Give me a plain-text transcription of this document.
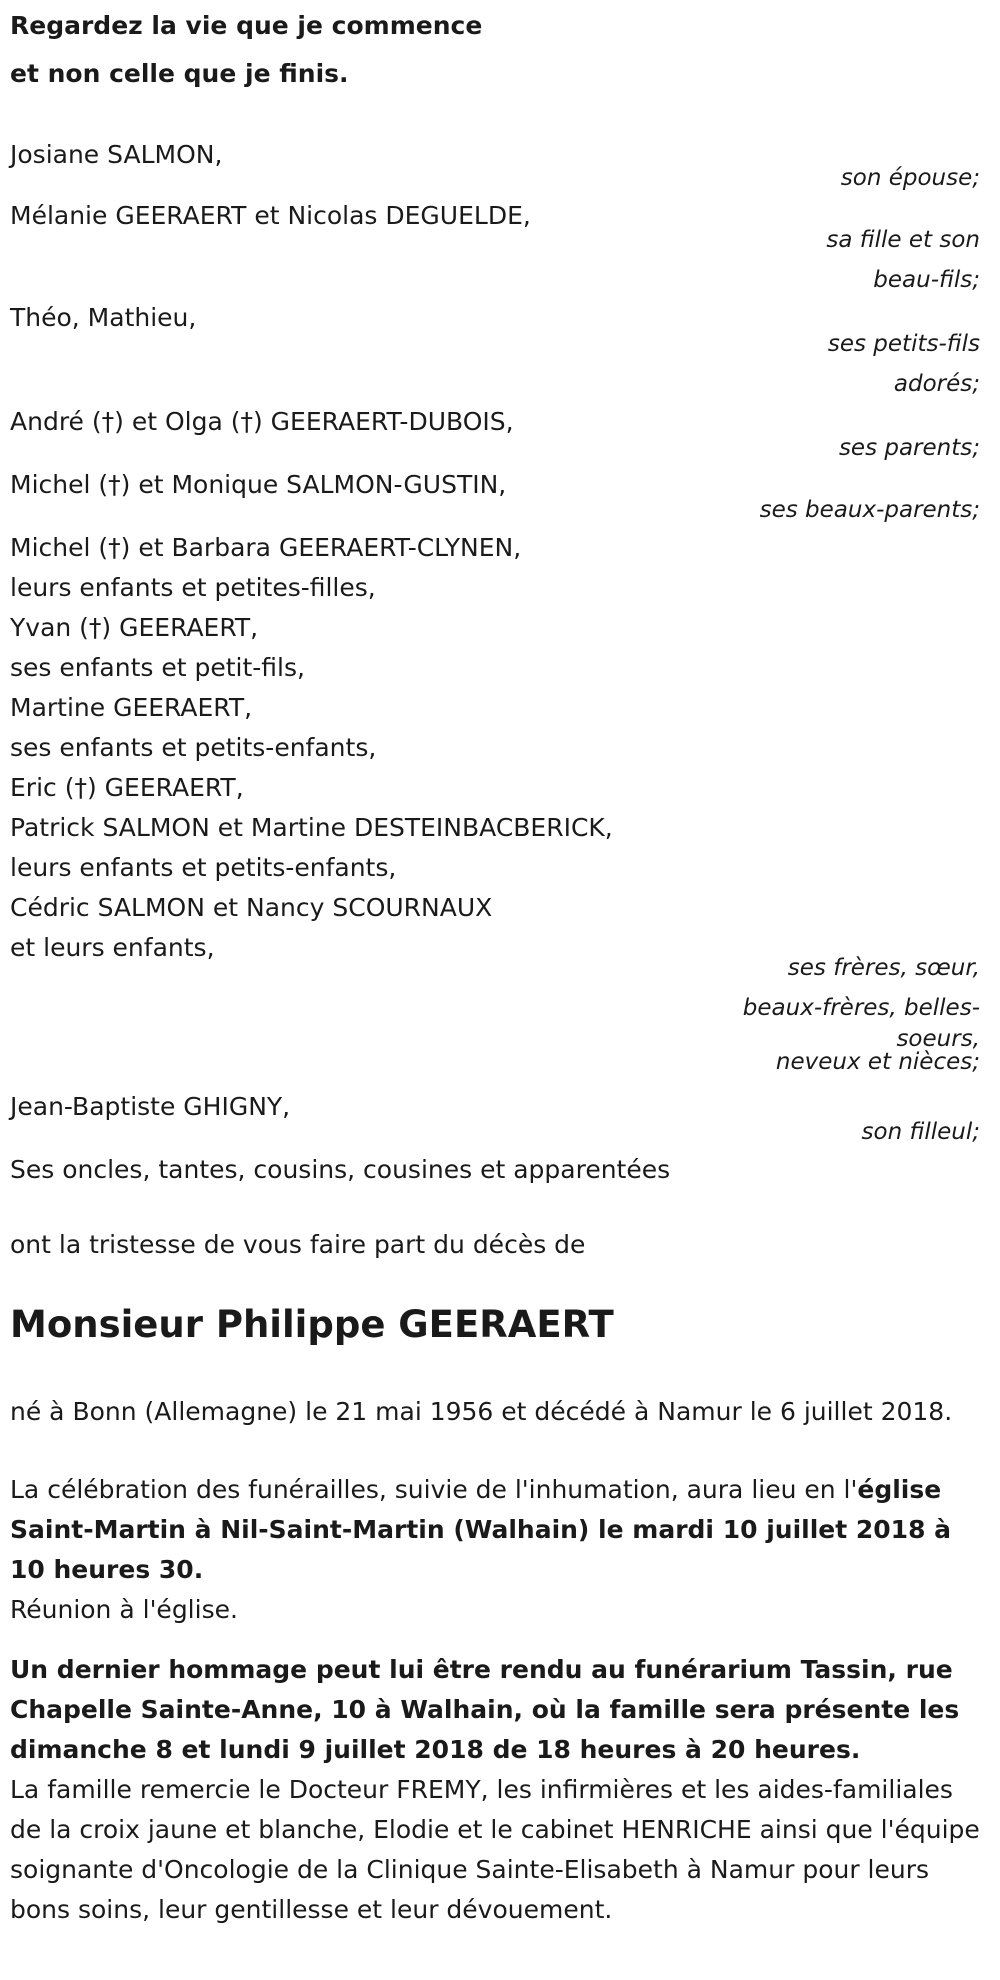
Regardez la vie que je commence
et non celle que je finis.
Josiane SALMON,
son épouse;
Mélanie GEERAERT et Nicolas DEGUELDE,
sa fille et son
beau-fils;
Théo, Mathieu,
ses petits-fils
adorés;
André (†) et Olga (†) GEERAERT-DUBOIS,
ses parents;
Michel (†) et Monique SALMON-GUSTIN,
ses beaux-parents;
Michel (†) et Barbara GEERAERT-CLYNEN,
leurs enfants et petites-filles,
Yvan (†) GEERAERT,
ses enfants et petit-fils,
Martine GEERAERT,
ses enfants et petits-enfants,
Eric (†) GEERAERT,
Patrick SALMON et Martine DESTEINBACBERICK,
leurs enfants et petits-enfants,
Cédric SALMON et Nancy SCOURNAUX
et leurs enfants,
ses frères, sœur,
beaux-frères, belles-
soeurs,
neveux et nièces;
Jean-Baptiste GHIGNY,
son filleul;
Ses oncles, tantes, cousins, cousines et apparentées
ont la tristesse de vous faire part du décès de
Monsieur Philippe GEERAERT
né à Bonn (Allemagne) le 21 mai 1956 et décédé à Namur le 6 juillet 2018.
La célébration des funérailles, suivie de l'inhumation, aura lieu en l'église Saint-Martin à Nil-Saint-Martin (Walhain) le mardi 10 juillet 2018 à 10 heures 30.
Réunion à l'église.
Un dernier hommage peut lui être rendu au funérarium Tassin, rue Chapelle Sainte-Anne, 10 à Walhain, où la famille sera présente les dimanche 8 et lundi 9 juillet 2018 de 18 heures à 20 heures.
La famille remercie le Docteur FREMY, les infirmières et les aides-familiales de la croix jaune et blanche, Elodie et le cabinet HENRICHE ainsi que l'équipe soignante d'Oncologie de la Clinique Sainte-Elisabeth à Namur pour leurs bons soins, leur gentillesse et leur dévouement.
